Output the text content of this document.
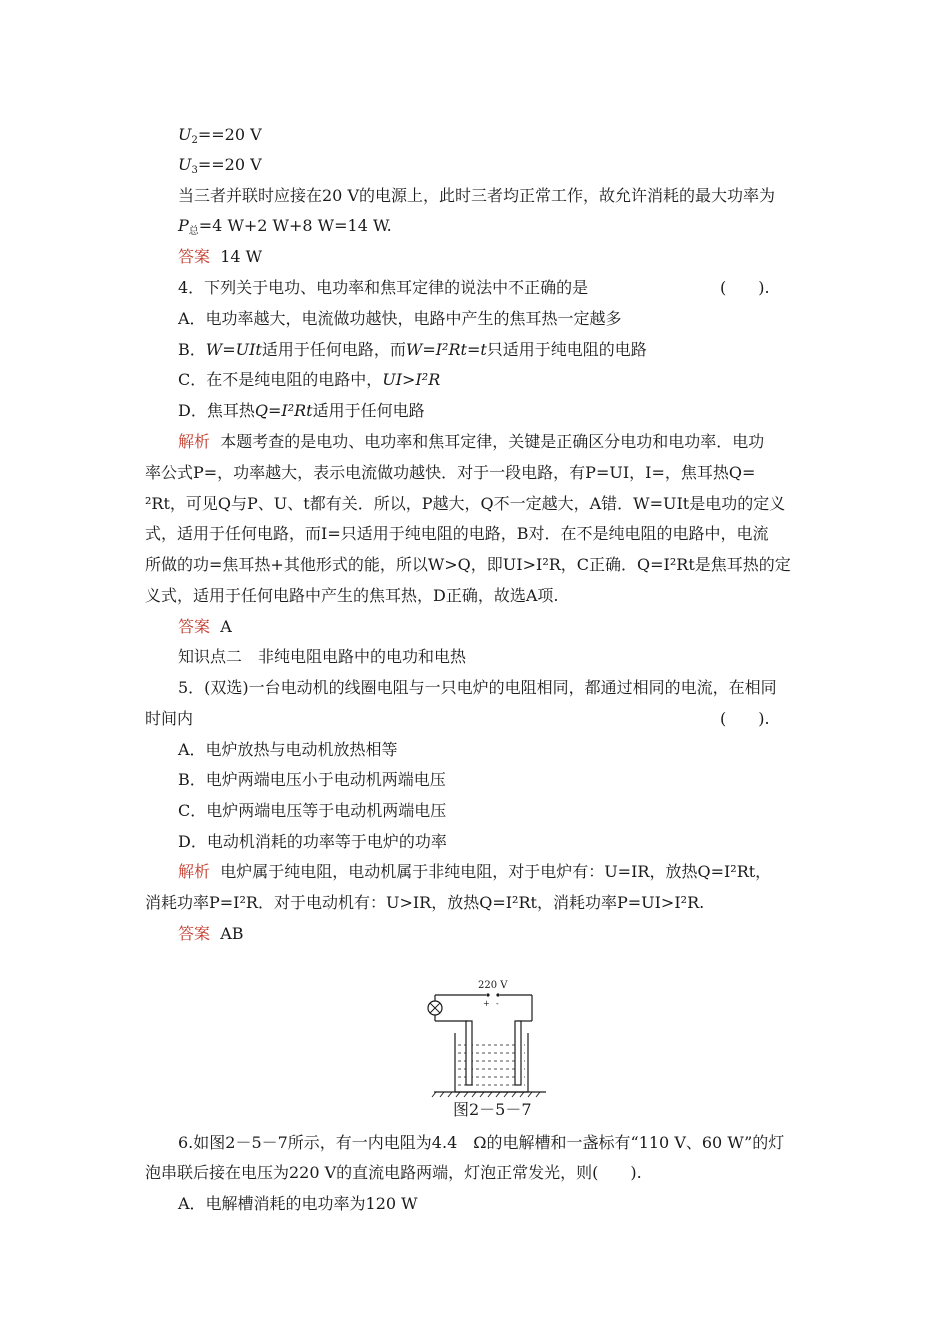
$U_2==20$ V
$U_3==20$ V
当三者并联时应接在20 V的电源上，此时三者均正常工作，故允许消耗的最大功率为
$P_总=4$ W+2 W+8 W=14 W.
答案 14 W
4．下列关于电功、电功率和焦耳定律的说法中不正确的是	(　　).
A．电功率越大，电流做功越快，电路中产生的焦耳热一定越多
B．W=UIt适用于任何电路，而W=I²Rt=t只适用于纯电阻的电路
C．在不是纯电阻的电路中，UI>I²R
D．焦耳热Q=I²Rt适用于任何电路
解析 本题考查的是电功、电功率和焦耳定律，关键是正确区分电功和电功率．电功
率公式P=，功率越大，表示电流做功越快．对于一段电路，有P=UI，I=，焦耳热Q=
²Rt，可见Q与P、U、t都有关．所以，P越大，Q不一定越大，A错．W=UIt是电功的定义
式，适用于任何电路，而I=只适用于纯电阻的电路，B对．在不是纯电阻的电路中，电流
所做的功=焦耳热+其他形式的能，所以W>Q，即UI>I²R，C正确．Q=I²Rt是焦耳热的定
义式，适用于任何电路中产生的焦耳热，D正确，故选A项.
答案 A
知识点二　非纯电阻电路中的电功和电热
5．(双选)一台电动机的线圈电阻与一只电炉的电阻相同，都通过相同的电流，在相同
时间内	(　　).
A．电炉放热与电动机放热相等
B．电炉两端电压小于电动机两端电压
C．电炉两端电压等于电动机两端电压
D．电动机消耗的功率等于电炉的功率
解析 电炉属于纯电阻，电动机属于非纯电阻，对于电炉有：U=IR，放热Q=I²Rt，
消耗功率P=I²R．对于电动机有：U>IR，放热Q=I²Rt，消耗功率P=UI>I²R.
答案 AB
220 V
+ -
图2－5－7
6.如图2－5－7所示，有一内电阻为4.4　Ω的电解槽和一盏标有“110 V、60 W”的灯
泡串联后接在电压为220 V的直流电路两端，灯泡正常发光，则(　　).
A．电解槽消耗的电功率为120 W
